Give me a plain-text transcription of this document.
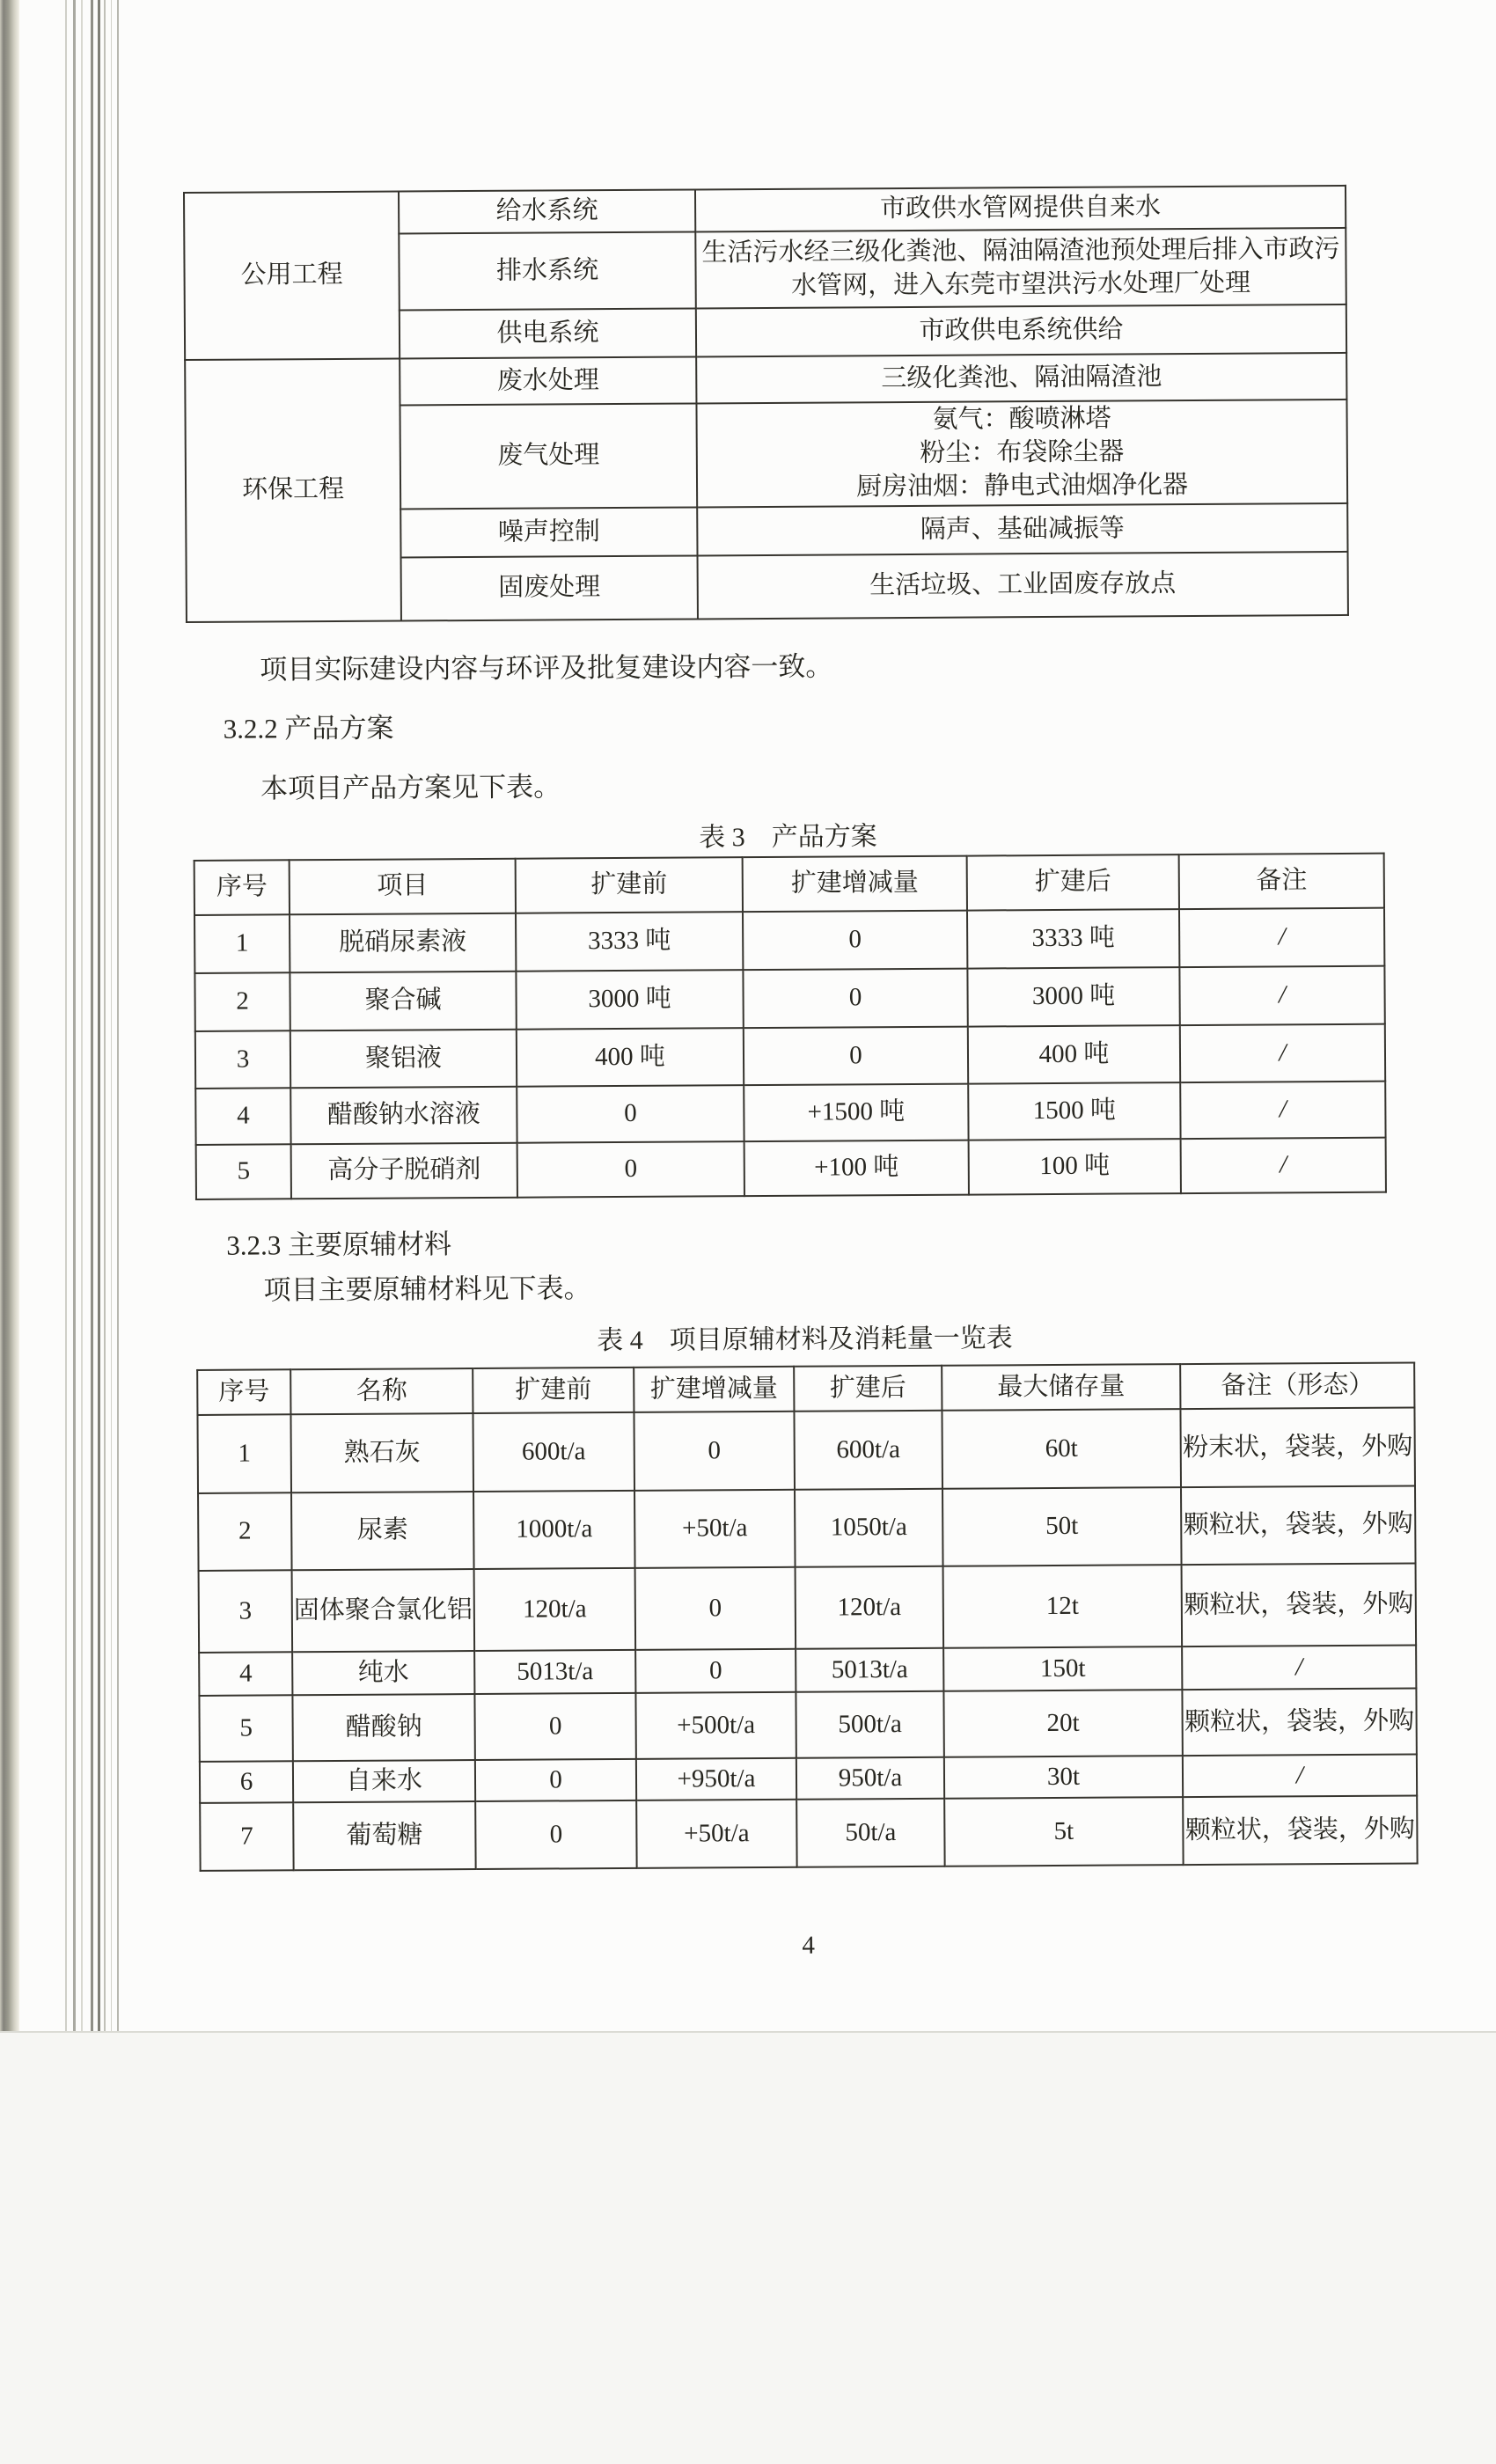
公用工程	给水系统	市政供水管网提供自来水
	排水系统	生活污水经三级化粪池、隔油隔渣池预处理后排入市政污水管网，进入东莞市望洪污水处理厂处理
	供电系统	市政供电系统供给
环保工程	废水处理	三级化粪池、隔油隔渣池
	废气处理	氨气：酸喷淋塔
粉尘：布袋除尘器
厨房油烟：静电式油烟净化器

	噪声控制	隔声、基础减振等
	固废处理	生活垃圾、工业固废存放点
项目实际建设内容与环评及批复建设内容一致。
3.2.2 产品方案
本项目产品方案见下表。
表 3　产品方案
序号	项目	扩建前	扩建增减量	扩建后	备注
1	脱硝尿素液	3333 吨	0	3333 吨	/
2	聚合碱	3000 吨	0	3000 吨	/
3	聚铝液	400 吨	0	400 吨	/
4	醋酸钠水溶液	0	+1500 吨	1500 吨	/
5	高分子脱硝剂	0	+100 吨	100 吨	/
3.2.3 主要原辅材料
项目主要原辅材料见下表。
表 4　项目原辅材料及消耗量一览表
序号	名称	扩建前	扩建增减量	扩建后	最大储存量	备注（形态）
1	熟石灰	600t/a	0	600t/a	60t	粉末状，袋装，外购
2	尿素	1000t/a	+50t/a	1050t/a	50t	颗粒状，袋装，外购
3	固体聚合氯化铝	120t/a	0	120t/a	12t	颗粒状，袋装，外购
4	纯水	5013t/a	0	5013t/a	150t	/
5	醋酸钠	0	+500t/a	500t/a	20t	颗粒状，袋装，外购
6	自来水	0	+950t/a	950t/a	30t	/
7	葡萄糖	0	+50t/a	50t/a	5t	颗粒状，袋装，外购
4
